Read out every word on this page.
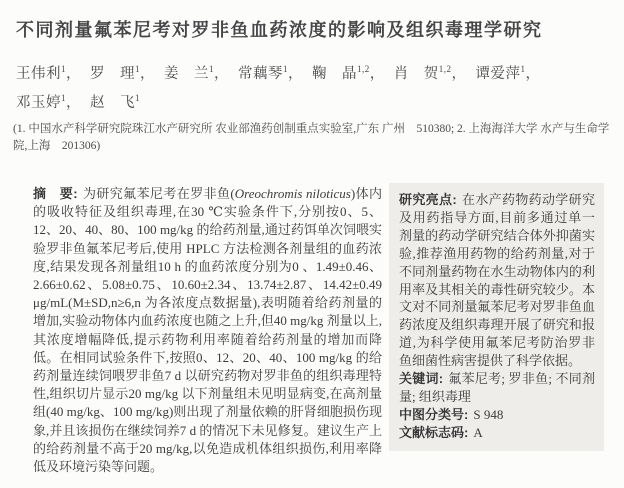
不同剂量氟苯尼考对罗非鱼血药浓度的影响及组织毒理学研究

王伟利$^1$， 罗　理$^1$， 姜　兰$^1$， 常藕琴$^1$， 鞠　晶$^{1,2}$， 肖　贺$^{1,2}$， 谭爱萍$^1$，邓玉婷$^1$， 赵　飞$^1$

(1. 中国水产科学研究院珠江水产研究所 农业部渔药创制重点实验室,广东 广州　510380; 2. 上海海洋大学 水产与生命学院,上海　201306)

摘　要: 为研究氟苯尼考在罗非鱼(Oreochromis niloticus)体内的吸收特征及组织毒理,在30 ℃实验条件下,分别按0、5、12、20、40、80、100 mg/kg 的给药剂量,通过药饵单次饲喂实验罗非鱼氟苯尼考后,使用 HPLC 方法检测各剂量组的血药浓度,结果发现各剂量组10 h 的血药浓度分别为0 、1.49±0.46、2.66±0.62、5.08±0.75、10.60±2.34、13.74±2.87、14.42±0.49 μg/mL(M±SD,n≥6,n 为各浓度点数据量),表明随着给药剂量的增加,实验动物体内血药浓度也随之上升,但40 mg/kg 剂量以上,其浓度增幅降低,提示药物利用率随着给药剂量的增加而降低。在相同试验条件下,按照0、12、20、40、100 mg/kg 的给药剂量连续饲喂罗非鱼7 d 以研究药物对罗非鱼的组织毒理特性,组织切片显示20 mg/kg 以下剂量组未见明显病变,在高剂量组(40 mg/kg、100 mg/kg)则出现了剂量依赖的肝肾细胞损伤现象,并且该损伤在继续饲养7 d 的情况下未见修复。建议生产上的给药剂量不高于20 mg/kg,以免造成机体组织损伤,利用率降低及环境污染等问题。

研究亮点: 在水产药物药动学研究及用药指导方面,目前多通过单一剂量的药动学研究结合体外抑菌实验,推荐渔用药物的给药剂量,对于不同剂量药物在水生动物体内的利用率及其相关的毒性研究较少。本文对不同剂量氟苯尼考对罗非鱼血药浓度及组织毒理开展了研究和报道,为科学使用氟苯尼考防治罗非鱼细菌性病害提供了科学依据。

关键词: 氟苯尼考; 罗非鱼; 不同剂量; 组织毒理

中图分类号: S 948

文献标志码: A
